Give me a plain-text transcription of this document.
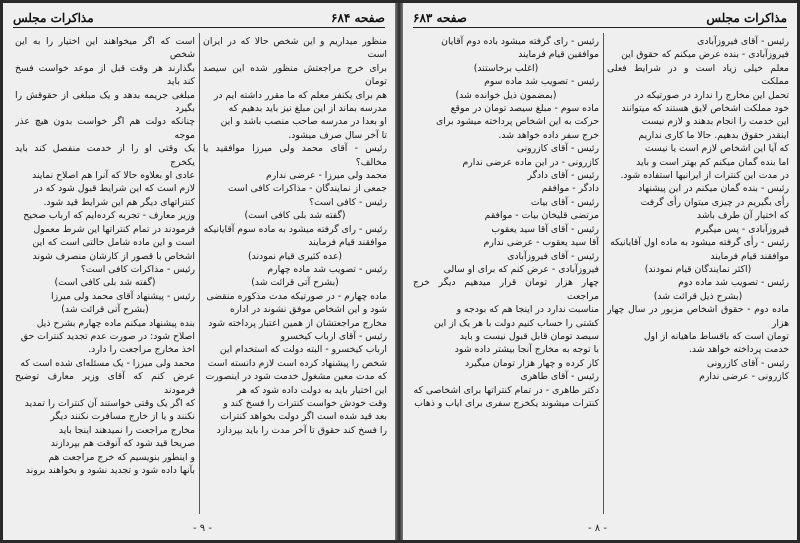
صفحه ۶۸۴
مذاکرات مجلس

منظور میداریم و این شخص حالا که در ایران است

برای خرج مراجعتش منظور شده این سیصد تومان

هم برای یکنفر معلم که ما مقرر داشته ایم در

مدرسه بماند از این مبلغ نیز باید بدهیم که

او بعدا در مدرسه صاحب منصب باشد و این

تا آخر سال صرف میشود.

رئیس - آقای محمد ولی میرزا موافقید یا مخالف؟

محمد ولی میرزا - عرضی ندارم

جمعی از نمایندگان - مذاکرات کافی است

رئیس - کافی است؟

(گفته شد بلی کافی است)

رئیس - رای گرفته میشود به ماده سوم آقایانیکه

موافقند قیام فرمایند

(عده کثیری قیام نمودند)

رئیس - تصویب شد ماده چهارم

(بشرح آتی قرائت شد)

ماده چهارم - در صورتیکه مدت مذکوره منقضی

شود و این اشخاص موفق نشوند در اداره

مخارج مراجعتشان از همین اعتبار پرداخته شود

رئیس - آقای ارباب کیخسرو

ارباب کیخسرو - البته دولت که استخدام این

شخص را پیشنهاد کرده است لازم دانسته است

که مدت معین مشغول خدمت شود در اینصورت

این اختیار باید به دولت داده شود که هر

وقت خودش خواست کنترات را فسخ کند و

بعد قید شده است اگر دولت بخواهد کنترات

را فسخ کند حقوق تا آخر مدت را باید بپردازد

است که اگر میخواهند این اختیار را به این شخص

بگذارند هر وقت قبل از موعد خواست فسخ کند باید

مبلغی جریمه بدهد و یک مبلغی از حقوقش را بگیرد

چنانکه دولت هم اگر خواست بدون هیچ عذر موجه

یک وقتی او را از خدمت منفصل کند باید یکخرج

عادی او بعلاوه حالا که آنرا هم اصلاح نمایند

لازم است که این شرایط قبول شود که در

کنتراتهای دیگر هم این شرایط قید شود.

وزیر معارف - تجربه کرده‌ایم که ارباب صحیح

فرمودند در تمام کنتراتها این شرط معمول

است و این ماده شامل حالتی است که این

اشخاص با قصور از کارشان منصرف شوند

رئیس - مذاکرات کافی است؟

(گفته شد بلی کافی است)

رئیس - پیشنهاد آقای محمد ولی میرزا

(بشرح آتی قرائت شد)

بنده پیشنهاد میکنم ماده چهارم بشرح ذیل

اصلاح شود: در صورت عدم تجدید کنترات حق

اخذ مخارج مراجعت را دارد.

محمد ولی میرزا - یک مسئله‌ای شده است که

عرض کنم که آقای وزیر معارف توضیح فرمودند

که اگر یک وقتی خواستند آن کنترات را تمدید

نکنند و یا از خارج مسافرت نکنند دیگر

مخارج مراجعت را نمیدهند اینجا باید

صریحا قید شود که آنوقت هم بپردازند

و اینطور بنویسیم که خرج مراجعت هم

بآنها داده شود و تجدید نشود و بخواهند بروند

- ۹ -
مذاکرات مجلس
صفحه ۶۸۳

رئیس - آقای فیروزآبادی

فیروزآبادی - بنده عرض میکنم که حقوق این

معلم خیلی زیاد است و در شرایط فعلی مملکت

تحمل این مخارج را ندارد در صورتیکه در

خود مملکت اشخاص لایق هستند که میتوانند

این خدمت را انجام بدهند و لازم نیست

اینقدر حقوق بدهیم. حالا ما کاری نداریم

که آیا این اشخاص لازم است یا نیست

اما بنده گمان میکنم کم بهتر است و باید

در مدت این کنترات از ایرانیها استفاده شود.

رئیس - بنده گمان میکنم در این پیشنهاد

رأی بگیریم در چیزی میتوان رأی گرفت

که اختیار آن طرف باشد

فیروزآبادی - پس میگیرم

رئیس - رأی گرفته میشود به ماده اول آقایانیکه

موافقند قیام فرمایند

(اکثر نمایندگان قیام نمودند)

رئیس - تصویب شد ماده دوم

(بشرح ذیل قرائت شد)

ماده دوم - حقوق اشخاص مزبور در سال چهار هزار

تومان است که باقساط ماهیانه از اول

خدمت پرداخته خواهد شد.

رئیس - آقای کازرونی

کازرونی - عرضی ندارم

رئیس - رای گرفته میشود باده دوم آقایان

موافقین قیام فرمایند

(اغلب برخاستند)

رئیس - تصویب شد ماده سوم

(بمضمون ذیل خوانده شد)

ماده سوم - مبلغ سیصد تومان در موقع

حرکت به این اشخاص پرداخته میشود برای

خرج سفر داده خواهد شد.

رئیس - آقای کازرونی

کازرونی - در این ماده عرضی ندارم

رئیس - آقای دادگر

دادگر - موافقم

رئیس - آقای بیات

مرتضی قلیخان بیات - موافقم

رئیس - آقای آقا سید یعقوب

آقا سید یعقوب - عرضی ندارم

رئیس - آقای فیروزآبادی

فیروزآبادی - عرض کنم که برای او سالی

چهار هزار تومان قرار میدهیم دیگر خرج مراجعت

مناسبت ندارد در اینجا هم که بودجه و

کشتی را حساب کنیم دولت با هر یک از این

سیصد تومان قابل قبول نیست و باید

با توجه به مخارج آنجا بیشتر داده شود

کار کرده و چهار هزار تومان میگیرد

رئیس - آقای طاهری

دکتر طاهری - در تمام کنتراتها برای اشخاصی که

کنترات میشوند یکخرج سفری برای ایاب و ذهاب

- ۸ -
